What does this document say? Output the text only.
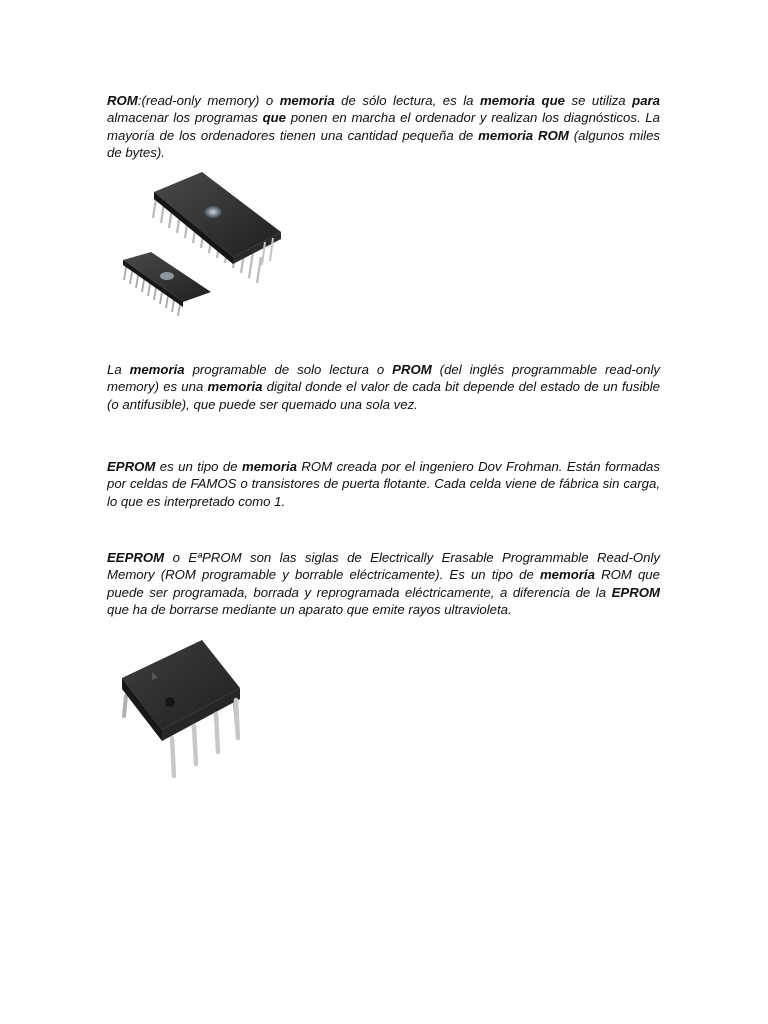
ROM:(read-only memory) o memoria de sólo lectura, es la memoria que se utiliza para almacenar los programas que ponen en marcha el ordenador y realizan los diagnósticos. La mayoría de los ordenadores tienen una cantidad pequeña de memoria ROM (algunos miles de bytes).

La memoria programable de solo lectura o PROM (del inglés programmable read-only memory) es una memoria digital donde el valor de cada bit depende del estado de un fusible (o antifusible), que puede ser quemado una sola vez.

EPROM es un tipo de memoria ROM creada por el ingeniero Dov Frohman. Están formadas por celdas de FAMOS o transistores de puerta flotante. Cada celda viene de fábrica sin carga, lo que es interpretado como 1.

EEPROM o EªPROM son las siglas de Electrically Erasable Programmable Read-Only Memory (ROM programable y borrable eléctricamente). Es un tipo de memoria ROM que puede ser programada, borrada y reprogramada eléctricamente, a diferencia de la EPROM que ha de borrarse mediante un aparato que emite rayos ultravioleta.
